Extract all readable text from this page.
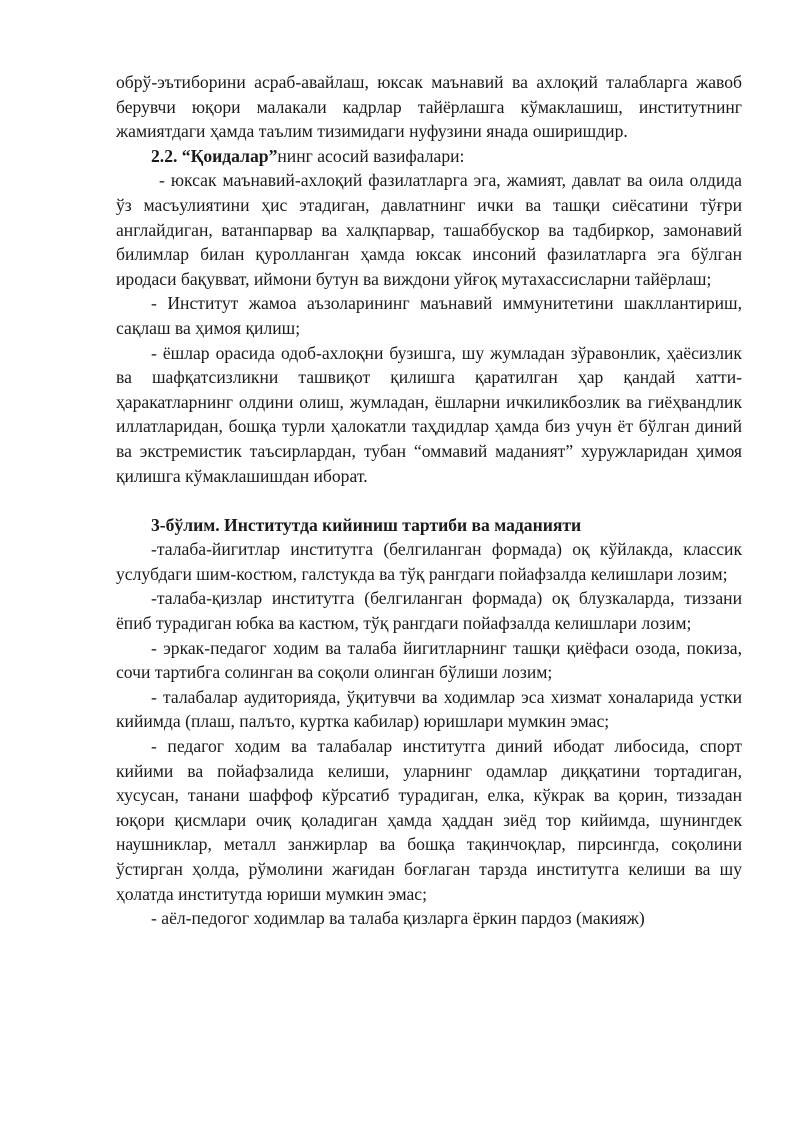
обрў-эътиборини асраб-авайлаш, юксак маънавий ва ахлоқий талабларга жавоб берувчи юқори малакали кадрлар тайёрлашга кўмаклашиш, институтнинг жамиятдаги ҳамда таълим тизимидаги нуфузини янада оширишдир.

2.2. “Қоидалар”нинг асосий вазифалари:

- юксак маънавий-ахлоқий фазилатларга эга, жамият, давлат ва оила олдида ўз масъулиятини ҳис этадиган, давлатнинг ички ва ташқи сиёсатини тўғри англайдиган, ватанпарвар ва халқпарвар, ташаббускор ва тадбиркор, замонавий билимлар билан қуролланган ҳамда юксак инсоний фазилатларга эга бўлган иродаси бақувват, иймони бутун ва виждони уйғоқ мутахассисларни тайёрлаш;

- Институт жамоа аъзоларининг маънавий иммунитетини шакллантириш, сақлаш ва ҳимоя қилиш;

- ёшлар орасида одоб-ахлоқни бузишга, шу жумладан зўравонлик, ҳаёсизлик ва шафқатсизликни ташвиқот қилишга қаратилган ҳар қандай хатти-ҳаракатларнинг олдини олиш, жумладан, ёшларни ичкиликбозлик ва гиёҳвандлик иллатларидан, бошқа турли ҳалокатли таҳдидлар ҳамда биз учун ёт бўлган диний ва экстремистик таъсирлардан, тубан “оммавий маданият” хуружларидан ҳимоя қилишга кўмаклашишдан иборат.

3-бўлим. Институтда кийиниш тартиби ва маданияти

-талаба-йигитлар институтга (белгиланган формада) оқ кўйлакда, классик услубдаги шим-костюм, галстукда ва тўқ рангдаги пойафзалда келишлари лозим;

-талаба-қизлар институтга (белгиланган формада) оқ блузкаларда, тиззани ёпиб турадиган юбка ва кастюм, тўқ рангдаги пойафзалда келишлари лозим;

- эркак-педагог ходим ва талаба йигитларнинг ташқи қиёфаси озода, покиза, сочи тартибга солинган ва соқоли олинган бўлиши лозим;

- талабалар аудиторияда, ўқитувчи ва ходимлар эса хизмат хоналарида устки кийимда (плаш, палъто, куртка кабилар) юришлари мумкин эмас;

- педагог ходим ва талабалар институтга диний ибодат либосида, спорт кийими ва пойафзалида келиши, уларнинг одамлар диққатини тортадиган, хусусан, танани шаффоф кўрсатиб турадиган, елка, кўкрак ва қорин, тиззадан юқори қисмлари очиқ қоладиган ҳамда ҳаддан зиёд тор кийимда, шунингдек наушниклар, металл занжирлар ва бошқа тақинчоқлар, пирсингда, соқолини ўстирган ҳолда, рўмолини жағидан боғлаган тарзда институтга келиши ва шу ҳолатда институтда юриши мумкин эмас;

- аёл-педогог ходимлар ва талаба қизларга ёркин пардоз (макияж)
